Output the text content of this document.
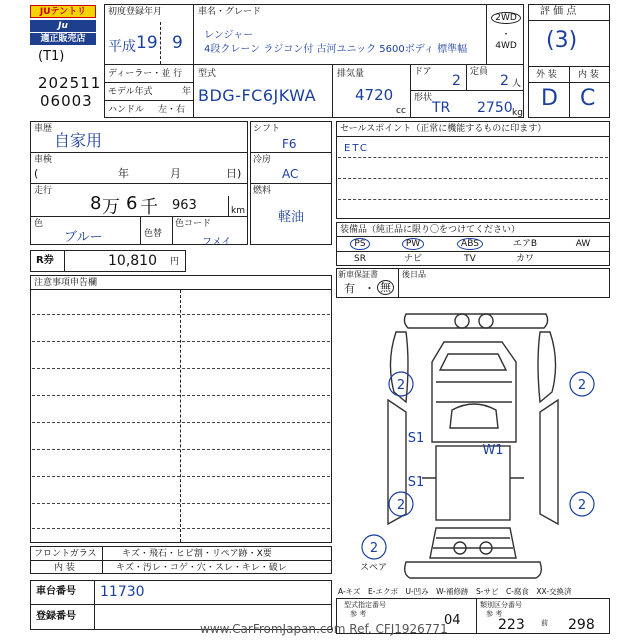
JUテントリ
Ju
適正販売店
(T1)
202511
06003
初度登録年月
平成 19 9
車名・グレード
レンジャー
4段クレーン ラジコン付 古河ユニック 5600ボディ 標準幅
2WD
・
4WD
ディーラー・並 行
モデル年式	年
ハンドル 左・右
型式
BDG-FC6JKWA
排気量
4720
cc
ドア
2
定員
2 人
形状
TR 2750 kg
評 価 点
(3)
外 装 内 装
D C
車歴
自家用
車検
(	年	月	日)
走行
8 万 6 千 963	km
色
ブルー	色替
色コード
フメイ
シフト
F6
冷房
AC
燃料
軽油
R券	10,810 円
注意事項申告欄
セールスポイント（正常に機能するものに印ます）
ETC
装備品（純正品に限り〇をつけてください）
PS	PW	ABS	エアB	AW
SR	ナビ	TV	カワ
新車保証書	後日品
有 ・ 無
2	2
S1
W1
S1
2	2
2
スペア
フロントガラス	キズ・飛石・ヒビ割・リペア跡・X要
内 装	キズ・汚レ・コゲ・穴・スレ・キレ・破レ
車台番号 11730
登録番号
A-キズ　E-エクボ　U-凹み　W-補修跡　S-サビ　C-腐食　XX-交換済
型式指定番号
参 考	04
類別区分番号
参 考
223 前 298
www.CarFromJapan.com Ref. CFJ1926771
